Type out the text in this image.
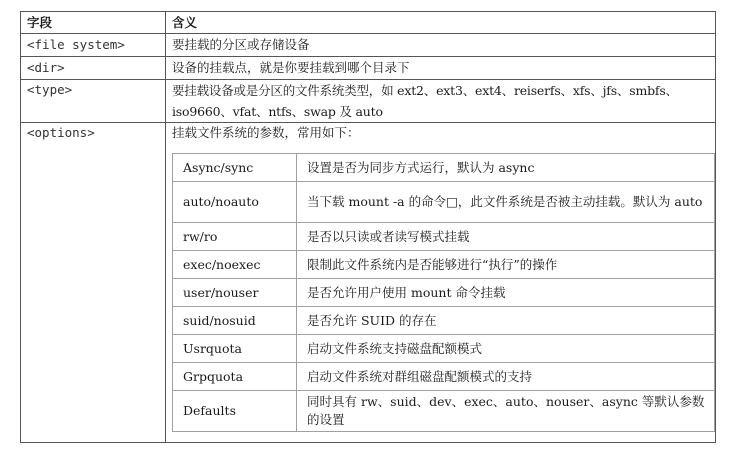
字段	含义
<file system>	要挂载的分区或存储设备
<dir>	设备的挂载点，就是你要挂载到哪个目录下
<type>	要挂载设备或是分区的文件系统类型，如 ext2、ext3、ext4、reiserfs、xfs、jfs、smbfs、iso9660、vfat、ntfs、swap 及 auto

<options>	挂载文件系统的参数，常用如下：
Async/sync	设置是否为同步方式运行，默认为 async
auto/noauto	当下载 mount -a 的命令□，此文件系统是否被主动挂载。默认为 auto
rw/ro	是否以只读或者读写模式挂载
exec/noexec	限制此文件系统内是否能够进行“执行”的操作
user/nouser	是否允许用户使用 mount 命令挂载
suid/nosuid	是否允许 SUID 的存在
Usrquota	启动文件系统支持磁盘配额模式
Grpquota	启动文件系统对群组磁盘配额模式的支持
Defaults	同时具有 rw、suid、dev、exec、auto、nouser、async 等默认参数的设置
